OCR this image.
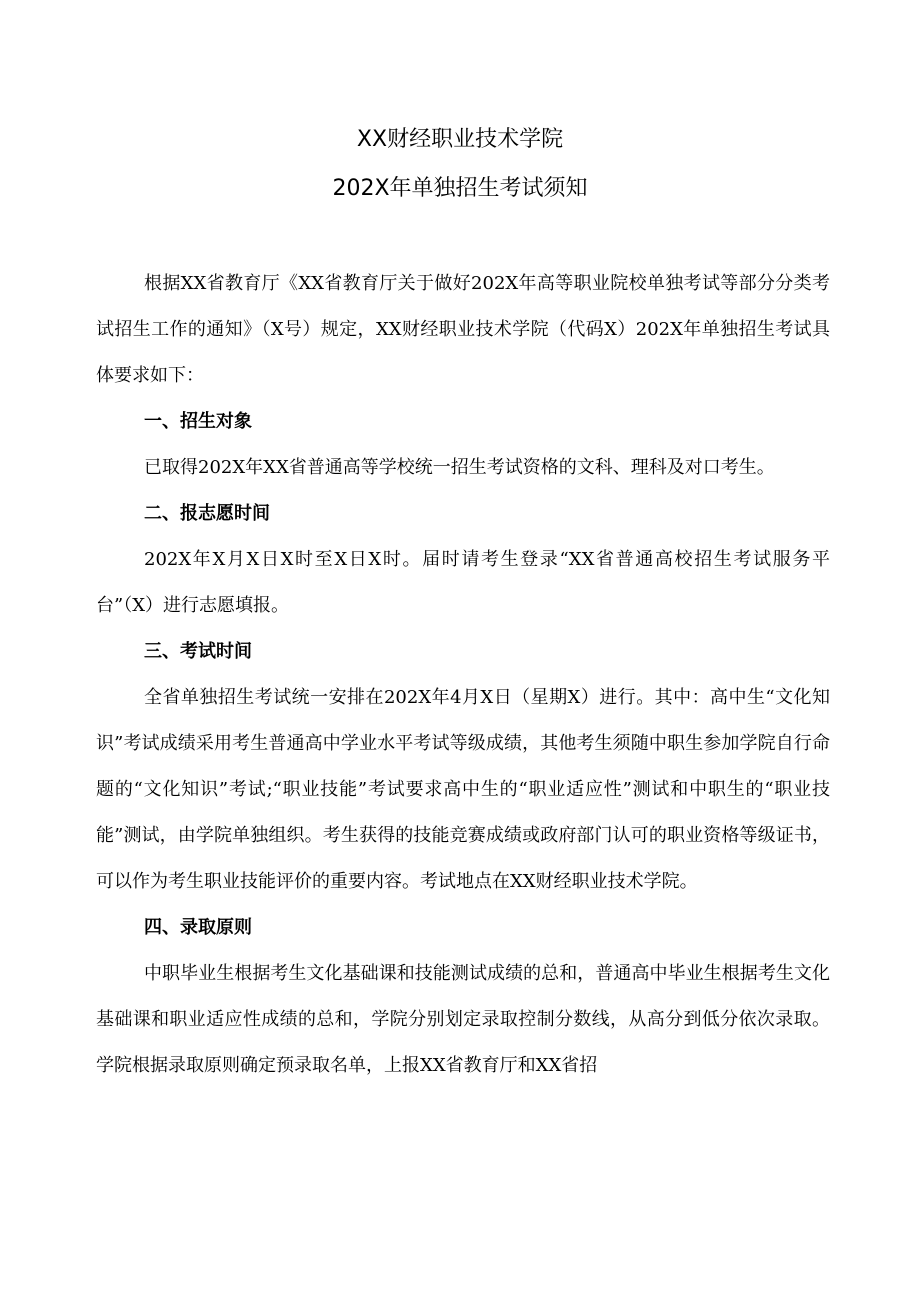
XX财经职业技术学院

202X年单独招生考试须知

根据XX省教育厅《XX省教育厅关于做好202X年高等职业院校单独考试等部分分类考试招生工作的通知》（X号）规定，XX财经职业技术学院（代码X）202X年单独招生考试具体要求如下：

一、招生对象

已取得202X年XX省普通高等学校统一招生考试资格的文科、理科及对口考生。

二、报志愿时间

202X年X月X日X时至X日X时。届时请考生登录“XX省普通高校招生考试服务平台”（X）进行志愿填报。

三、考试时间

全省单独招生考试统一安排在202X年4月X日（星期X）进行。其中：高中生“文化知识”考试成绩采用考生普通高中学业水平考试等级成绩，其他考生须随中职生参加学院自行命题的“文化知识”考试;“职业技能”考试要求高中生的“职业适应性”测试和中职生的“职业技能”测试，由学院单独组织。考生获得的技能竞赛成绩或政府部门认可的职业资格等级证书，可以作为考生职业技能评价的重要内容。考试地点在XX财经职业技术学院。

四、录取原则

中职毕业生根据考生文化基础课和技能测试成绩的总和，普通高中毕业生根据考生文化基础课和职业适应性成绩的总和，学院分别划定录取控制分数线，从高分到低分依次录取。学院根据录取原则确定预录取名单，上报XX省教育厅和XX省招
